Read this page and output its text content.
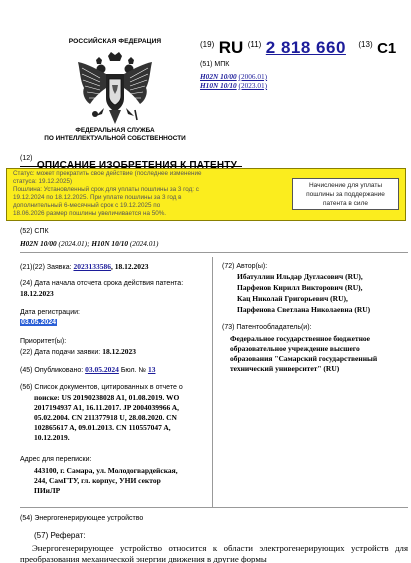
РОССИЙСКАЯ ФЕДЕРАЦИЯ
ФЕДЕРАЛЬНАЯ СЛУЖБА
ПО ИНТЕЛЛЕКТУАЛЬНОЙ СОБСТВЕННОСТИ
$^{(19)}$ RU $^{(11)}$ 2 818 660 $^{(13)}$ C1
(51) МПК
H02N 10/00 (2006.01)
H10N 10/10 (2023.01)
$^{(12)}$
Статус: может прекратить свое действие (последнее изменение
статуса: 19.12.2025)
Пошлина: Установленный срок для уплаты пошлины за 3 год: с
19.12.2024 по 18.12.2025. При уплате пошлины за 3 год в
дополнительный 6-месячный срок с 19.12.2025 по
18.06.2026 размер пошлины увеличивается на 50%.
Начисление для уплаты
пошлины за поддержание
патента в силе
(52) СПК
H02N 10/00 (2024.01); H10N 10/10 (2024.01)
(21)(22) Заявка: 2023133586, 18.12.2023
(24) Дата начала отсчета срока действия патента:
18.12.2023
Дата регистрации:
03.05.2024
Приоритет(ы):
(22) Дата подачи заявки: 18.12.2023
(45) Опубликовано: 03.05.2024 Бюл. № 13
(56) Список документов, цитированных в отчете о
поиске: US 20190238028 A1, 01.08.2019. WO
2017194937 A1, 16.11.2017. JP 2004039966 A,
05.02.2004. CN 211377918 U, 28.08.2020. CN
102865617 A, 09.01.2013. CN 110557047 A,
10.12.2019.
Адрес для переписки:
443100, г. Самара, ул. Молодогвардейская,
244, СамГТУ, гл. корпус, УНИ сектор
ПИиЛР
(72) Автор(ы):
Ибатуллин Ильдар Дугласович (RU),
Парфенов Кирилл Викторович (RU),
Кац Николай Григорьевич (RU),
Парфенова Светлана Николаевна (RU)
(73) Патентообладатель(и):
Федеральное государственное бюджетное
образовательное учреждение высшего
образования "Самарский государственный
технический университет" (RU)
(54) Энергогенерирующее устройство
(57) Реферат:
Энергогенерирующее устройство относится к области электрогенерирующих устройств для преобразования механической энергии движения в другие формы
